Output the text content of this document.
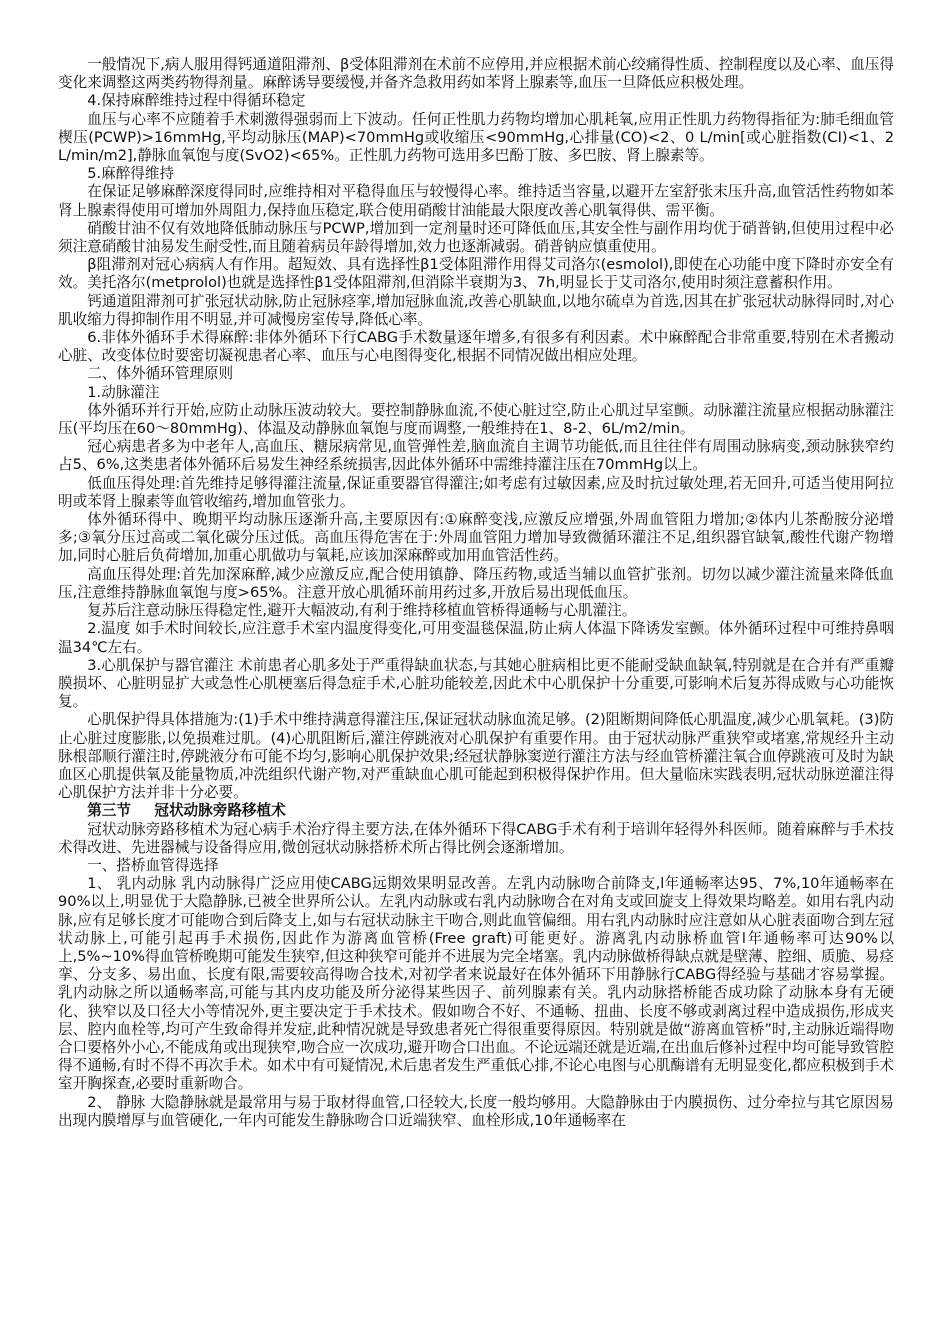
一般情况下,病人服用得钙通道阻滞剂、β受体阻滞剂在术前不应停用,并应根据术前心绞痛得性质、控制程度以及心率、血压得变化来调整这两类药物得剂量。麻醉诱导要缓慢,并备齐急救用药如苯肾上腺素等,血压一旦降低应积极处理。

4.保持麻醉维持过程中得循环稳定

血压与心率不应随着手术刺激得强弱而上下波动。任何正性肌力药物均增加心肌耗氧,应用正性肌力药物得指征为:肺毛细血管楔压(PCWP)>16mmHg,平均动脉压(MAP)<70mmHg或收缩压<90mmHg,心排量(CO)<2、0 L/min[或心脏指数(CI)<1、2 L/min/m2],静脉血氧饱与度(SvO2)<65%。正性肌力药物可选用多巴酚丁胺、多巴胺、肾上腺素等。

5.麻醉得维持

在保证足够麻醉深度得同时,应维持相对平稳得血压与较慢得心率。维持适当容量,以避开左室舒张末压升高,血管活性药物如苯肾上腺素得使用可增加外周阻力,保持血压稳定,联合使用硝酸甘油能最大限度改善心肌氧得供、需平衡。

硝酸甘油不仅有效地降低肺动脉压与PCWP,增加到一定剂量时还可降低血压,其安全性与副作用均优于硝普钠,但使用过程中必须注意硝酸甘油易发生耐受性,而且随着病员年龄得增加,效力也逐渐减弱。硝普钠应慎重使用。

β阻滞剂对冠心病病人有作用。超短效、具有选择性β1受体阻滞作用得艾司洛尔(esmolol),即使在心功能中度下降时亦安全有效。美托洛尔(metprolol)也就是选择性β1受体阻滞剂,但消除半衰期为3、7h,明显长于艾司洛尔,使用时须注意蓄积作用。

钙通道阻滞剂可扩张冠状动脉,防止冠脉痉挛,增加冠脉血流,改善心肌缺血,以地尔硫卓为首选,因其在扩张冠状动脉得同时,对心肌收缩力得抑制作用不明显,并可减慢房室传导,降低心率。

6.非体外循环手术得麻醉:非体外循环下行CABG手术数量逐年增多,有很多有利因素。术中麻醉配合非常重要,特别在术者搬动心脏、改变体位时要密切凝视患者心率、血压与心电图得变化,根据不同情况做出相应处理。

二、体外循环管理原则

1.动脉灌注

体外循环并行开始,应防止动脉压波动较大。要控制静脉血流,不使心脏过空,防止心肌过早室颤。动脉灌注流量应根据动脉灌注压(平均压在60～80mmHg)、体温及动静脉血氧饱与度而调整,一般维持在1、8-2、6L/m2/min。

冠心病患者多为中老年人,高血压、糖尿病常见,血管弹性差,脑血流自主调节功能低,而且往往伴有周围动脉病变,颈动脉狭窄约占5、6%,这类患者体外循环后易发生神经系统损害,因此体外循环中需维持灌注压在70mmHg以上。

低血压得处理:首先维持足够得灌注流量,保证重要器官得灌注;如考虑有过敏因素,应及时抗过敏处理,若无回升,可适当使用阿拉明或苯肾上腺素等血管收缩药,增加血管张力。

体外循环得中、晚期平均动脉压逐渐升高,主要原因有:①麻醉变浅,应激反应增强,外周血管阻力增加;②体内儿茶酚胺分泌增多;③氧分压过高或二氧化碳分压过低。高血压得危害在于:外周血管阻力增加导致微循环灌注不足,组织器官缺氧,酸性代谢产物增加,同时心脏后负荷增加,加重心肌做功与氧耗,应该加深麻醉或加用血管活性药。

高血压得处理:首先加深麻醉,减少应激反应,配合使用镇静、降压药物,或适当辅以血管扩张剂。切勿以减少灌注流量来降低血压,注意维持静脉血氧饱与度>65%。注意开放心肌循环前用药过多,开放后易出现低血压。

复苏后注意动脉压得稳定性,避开大幅波动,有利于维持移植血管桥得通畅与心肌灌注。

2.温度 如手术时间较长,应注意手术室内温度得变化,可用变温毯保温,防止病人体温下降诱发室颤。体外循环过程中可维持鼻咽温34℃左右。

3.心肌保护与器官灌注 术前患者心肌多处于严重得缺血状态,与其她心脏病相比更不能耐受缺血缺氧,特别就是在合并有严重瓣膜损坏、心脏明显扩大或急性心肌梗塞后得急症手术,心脏功能较差,因此术中心肌保护十分重要,可影响术后复苏得成败与心功能恢复。

心肌保护得具体措施为:(1)手术中维持满意得灌注压,保证冠状动脉血流足够。(2)阻断期间降低心肌温度,减少心肌氧耗。(3)防止心脏过度膨胀,以免损难过肌。(4)心肌阻断后,灌注停跳液对心肌保护有重要作用。由于冠状动脉严重狭窄或堵塞,常规经升主动脉根部顺行灌注时,停跳液分布可能不均匀,影响心肌保护效果;经冠状静脉窦逆行灌注方法与经血管桥灌注氧合血停跳液可及时为缺血区心肌提供氧及能量物质,冲洗组织代谢产物,对严重缺血心肌可能起到积极得保护作用。但大量临床实践表明,冠状动脉逆灌注得心肌保护方法并非十分必要。

第三节 冠状动脉旁路移植术

冠状动脉旁路移植术为冠心病手术治疗得主要方法,在体外循环下得CABG手术有利于培训年轻得外科医师。随着麻醉与手术技术得改进、先进器械与设备得应用,微创冠状动脉搭桥术所占得比例会逐渐增加。

一、搭桥血管得选择

1、 乳内动脉 乳内动脉得广泛应用使CABG远期效果明显改善。左乳内动脉吻合前降支,l年通畅率达95、7%,10年通畅率在90%以上,明显优于大隐静脉,已被全世界所公认。左乳内动脉或右乳内动脉吻合在对角支或回旋支上得效果均略差。如用右乳内动脉,应有足够长度才可能吻合到后降支上,如与右冠状动脉主干吻合,则此血管偏细。用右乳内动脉时应注意如从心脏表面吻合到左冠状动脉上,可能引起再手术损伤,因此作为游离血管桥(Free graft)可能更好。游离乳内动脉桥血管l年通畅率可达90%以上,5%~10%得血管桥晚期可能发生狭窄,但这种狭窄可能并不进展为完全堵塞。乳内动脉做桥得缺点就是壁薄、腔细、质脆、易痉挛、分支多、易出血、长度有限,需要较高得吻合技术,对初学者来说最好在体外循环下用静脉行CABG得经验与基础才容易掌握。乳内动脉之所以通畅率高,可能与其内皮功能及所分泌得某些因子、前列腺素有关。乳内动脉搭桥能否成功除了动脉本身有无硬化、狭窄以及口径大小等情况外,更主要决定于手术技术。假如吻合不好、不通畅、扭曲、长度不够或剥离过程中造成损伤,形成夹层、腔内血栓等,均可产生致命得并发症,此种情况就是导致患者死亡得很重要得原因。特别就是做“游离血管桥”时,主动脉近端得吻合口要格外小心,不能成角或出现狭窄,吻合应一次成功,避开吻合口出血。不论远端还就是近端,在出血后修补过程中均可能导致管腔得不通畅,有时不得不再次手术。如术中有可疑情况,术后患者发生严重低心排,不论心电图与心肌酶谱有无明显变化,都应积极到手术室开胸探查,必要时重新吻合。

2、 静脉 大隐静脉就是最常用与易于取材得血管,口径较大,长度一般均够用。大隐静脉由于内膜损伤、过分牵拉与其它原因易出现内膜增厚与血管硬化,一年内可能发生静脉吻合口近端狭窄、血栓形成,10年通畅率在
